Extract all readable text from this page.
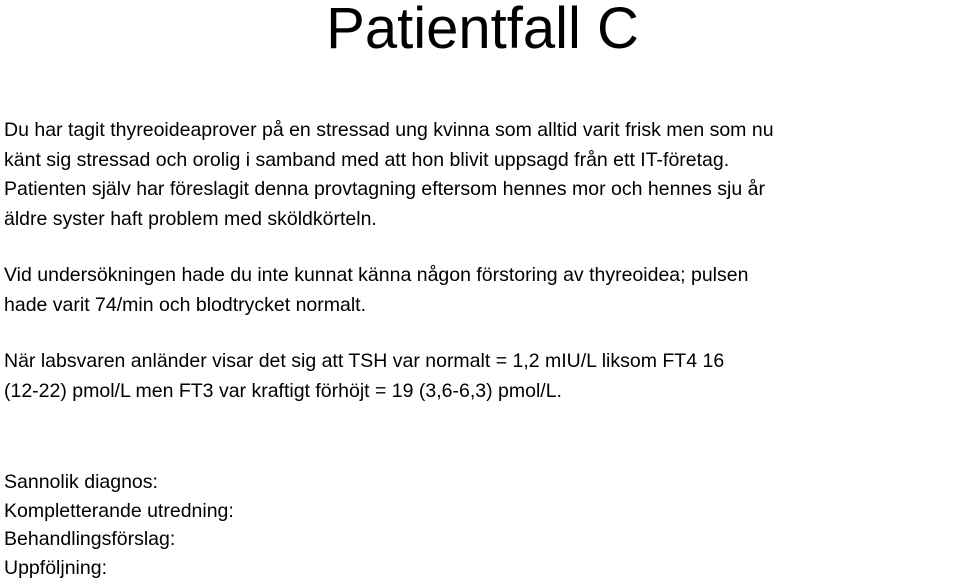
Patientfall C

Du har tagit thyreoideaprover på en stressad ung kvinna som alltid varit frisk men som nu
känt sig stressad och orolig i samband med att hon blivit uppsagd från ett IT-företag.
Patienten själv har föreslagit denna provtagning eftersom hennes mor och hennes sju år
äldre syster haft problem med sköldkörteln.

Vid undersökningen hade du inte kunnat känna någon förstoring av thyreoidea; pulsen
hade varit 74/min och blodtrycket normalt.

När labsvaren anländer visar det sig att TSH var normalt = 1,2 mIU/L liksom FT4 16
(12-22) pmol/L men FT3 var kraftigt förhöjt = 19 (3,6-6,3) pmol/L.

Sannolik diagnos:
Kompletterande utredning:
Behandlingsförslag:
Uppföljning:
